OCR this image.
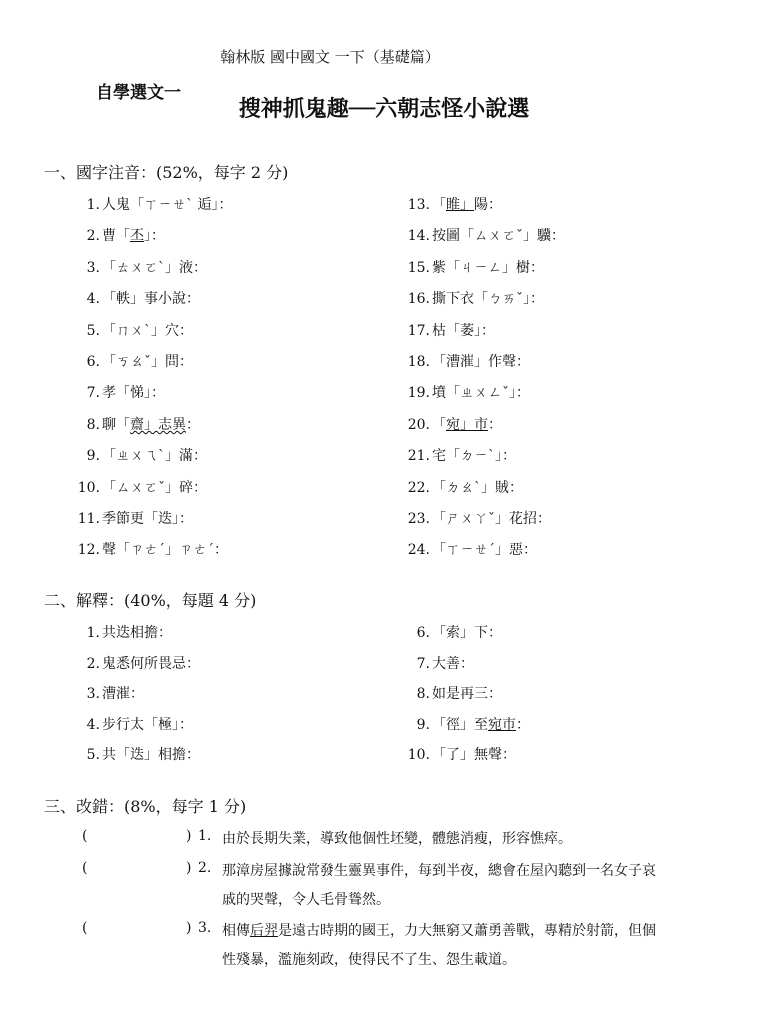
翰林版 國中國文 一下（基礎篇）
自學選文一
搜神抓鬼趣──六朝志怪小說選
一、國字注音：(52%，每字 2 分)
1. 人鬼「ㄒㄧㄝˋ 逅」：
2. 曹「丕」：
3. 「ㄊㄨㄛˋ」液：
4. 「軼」事小說：
5. 「ㄇㄨˋ」穴：
6. 「ㄎㄠˇ」問：
7. 孝「悌」：
8. 聊「齋」志異：
9. 「ㄓㄨㄟˋ」滿：
10. 「ㄙㄨㄛˇ」碎：
11. 季節更「迭」：
12. 聲「ㄗㄜˊ」ㄗㄜˊ：
13. 「睢」陽：
14. 按圖「ㄙㄨㄛˇ」驥：
15. 紫「ㄐㄧㄥ」樹：
16. 撕下衣「ㄅㄞˇ」：
17. 枯「萎」：
18. 「漕漼」作聲：
19. 墳「ㄓㄨㄥˇ」：
20. 「宛」市：
21. 宅「ㄉㄧˋ」：
22. 「ㄉㄠˋ」賊：
23. 「ㄕㄨㄚˇ」花招：
24. 「ㄒㄧㄝˊ」惡：
二、解釋：(40%，每題 4 分)
1. 共迭相擔：
2. 鬼悉何所畏忌：
3. 漕漼：
4. 步行太「極」：
5. 共「迭」相擔：
6. 「索」下：
7. 大善：
8. 如是再三：
9. 「徑」至宛市：
10. 「了」無聲：
三、改錯：(8%，每字 1 分)
(	) 1. 由於長期失業，導致他個性坯變，體態消瘦，形容憔瘁。
(	) 2. 那漳房屋據說常發生靈異事件，每到半夜，總會在屋內聽到一名女子哀
戚的哭聲，令人毛骨聳然。
(	) 3. 相傳后羿是遠古時期的國王，力大無窮又蕭勇善戰，專精於射箭，但個
性殘暴，濫施刻政，使得民不了生、怨生載道。
